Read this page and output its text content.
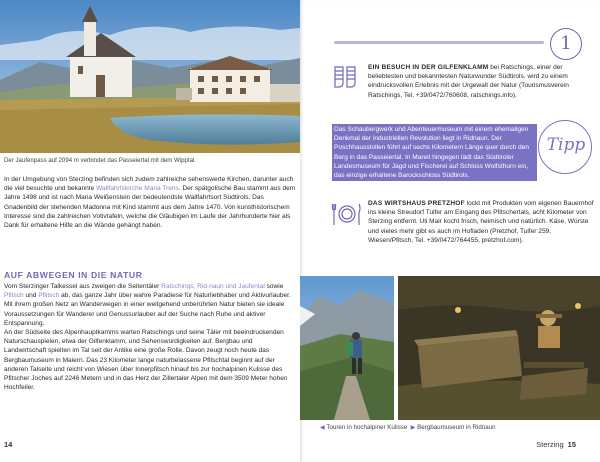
Der Jaufenpass auf 2094 m verbindet das Passeiertal mit dem Wipptal.

In der Umgebung von Sterzing befinden sich zudem zahlreiche sehenswerte Kirchen, darunter auch die viel besuchte und bekannte Wallfahrtskirche Maria Trens. Der spätgotische Bau stammt aus dem Jahre 1498 und ist nach Maria Weißenstein der bedeutendste Wallfahrtsort Südtirols. Das Gnadenbild der stehenden Madonna mit Kind stammt aus dem Jahre 1470. Von kunsthistorischem Interesse sind die zahlreichen Votivtafeln, welche die Gläubigen im Laufe der Jahrhunderte hier als Dank für erhaltene Hilfe an die Wände gehängt haben.

AUF ABWEGEN IN DIE NATUR

Vom Sterzinger Talkessel aus zweigen die Seitentäler Ratschings, Rid-naun und Jaufental sowie Pfitsch und Pflitsch ab, das ganze Jahr über wahre Paradiese für Naturliebhaber und Aktivurlauber. Mit ihrem großen Netz an Wanderwegen in einer weitgehend unberührten Natur bieten sie ideale Voraussetzungen für Wanderer und Genussurlauber auf der Suche nach Ruhe und aktiver Entspannung.

An der Südseite des Alpenhauptkamms warten Ratschings und seine Täler mit beeindruckenden Naturschauspielen, etwa der Gilfenklamm, und Sehenswürdigkeiten auf. Bergbau und Landwirtschaft spielten im Tal seit der Antike eine große Rolle. Davon zeugt noch heute das Bergbaumuseum in Maiern. Das 23 Kilometer lange naturbelassene Pfitschtal beginnt auf der anderen Talseite und reicht von Wiesen über Innerpfitsch hinauf bis zur hochalpinen Kulisse des Pfitscher Joches auf 2246 Metern und in das Herz der Zillertaler Alpen mit dem 3509 Meter hohen Hochfeiler.

14
1
EIN BESUCH IN DER GILFENKLAMM bei Ratschings, einer der beliebtesten und bekanntesten Naturwunder Südtirols, wird zu einem eindrucksvollen Erlebnis mit der Urgewalt der Natur (Tourismusverein Ratschings, Tel. +39/0472/760608, ratschings.info).

Das Schaubergwerk und Abenteuermuseum mit einem ehemaligen Denkmal der industriellen Revolution liegt in Ridnaun. Der Poschhausstollen führt auf sechs Kilometern Länge quer durch den Berg in das Passeiertal. In Mareit hingegen lädt das Südtiroler Landesmuseum für Jagd und Fischerei auf Schloss Wolfsthurn ein, das einzige erhaltene Barockschloss Südtirols.

Tipp
DAS WIRTSHAUS PRETZHOF lockt mit Produkten vom eigenen Bauernhof ins kleine Streudorf Tulfer am Eingang des Pfitschertals, acht Kilometer von Sterzing entfernt. Uli Mair kocht frisch, heimisch und natürlich. Käse, Würste und vieles mehr gibt es auch im Hofladen (Pretzhof, Tulfer 259, Wiesen/Pfitsch, Tel. +39/0472/764455, pretzhof.com).
◀ Touren in hochalpiner Kulisse ▶ Bergbaumuseum in Ridnaun
Sterzing 15
